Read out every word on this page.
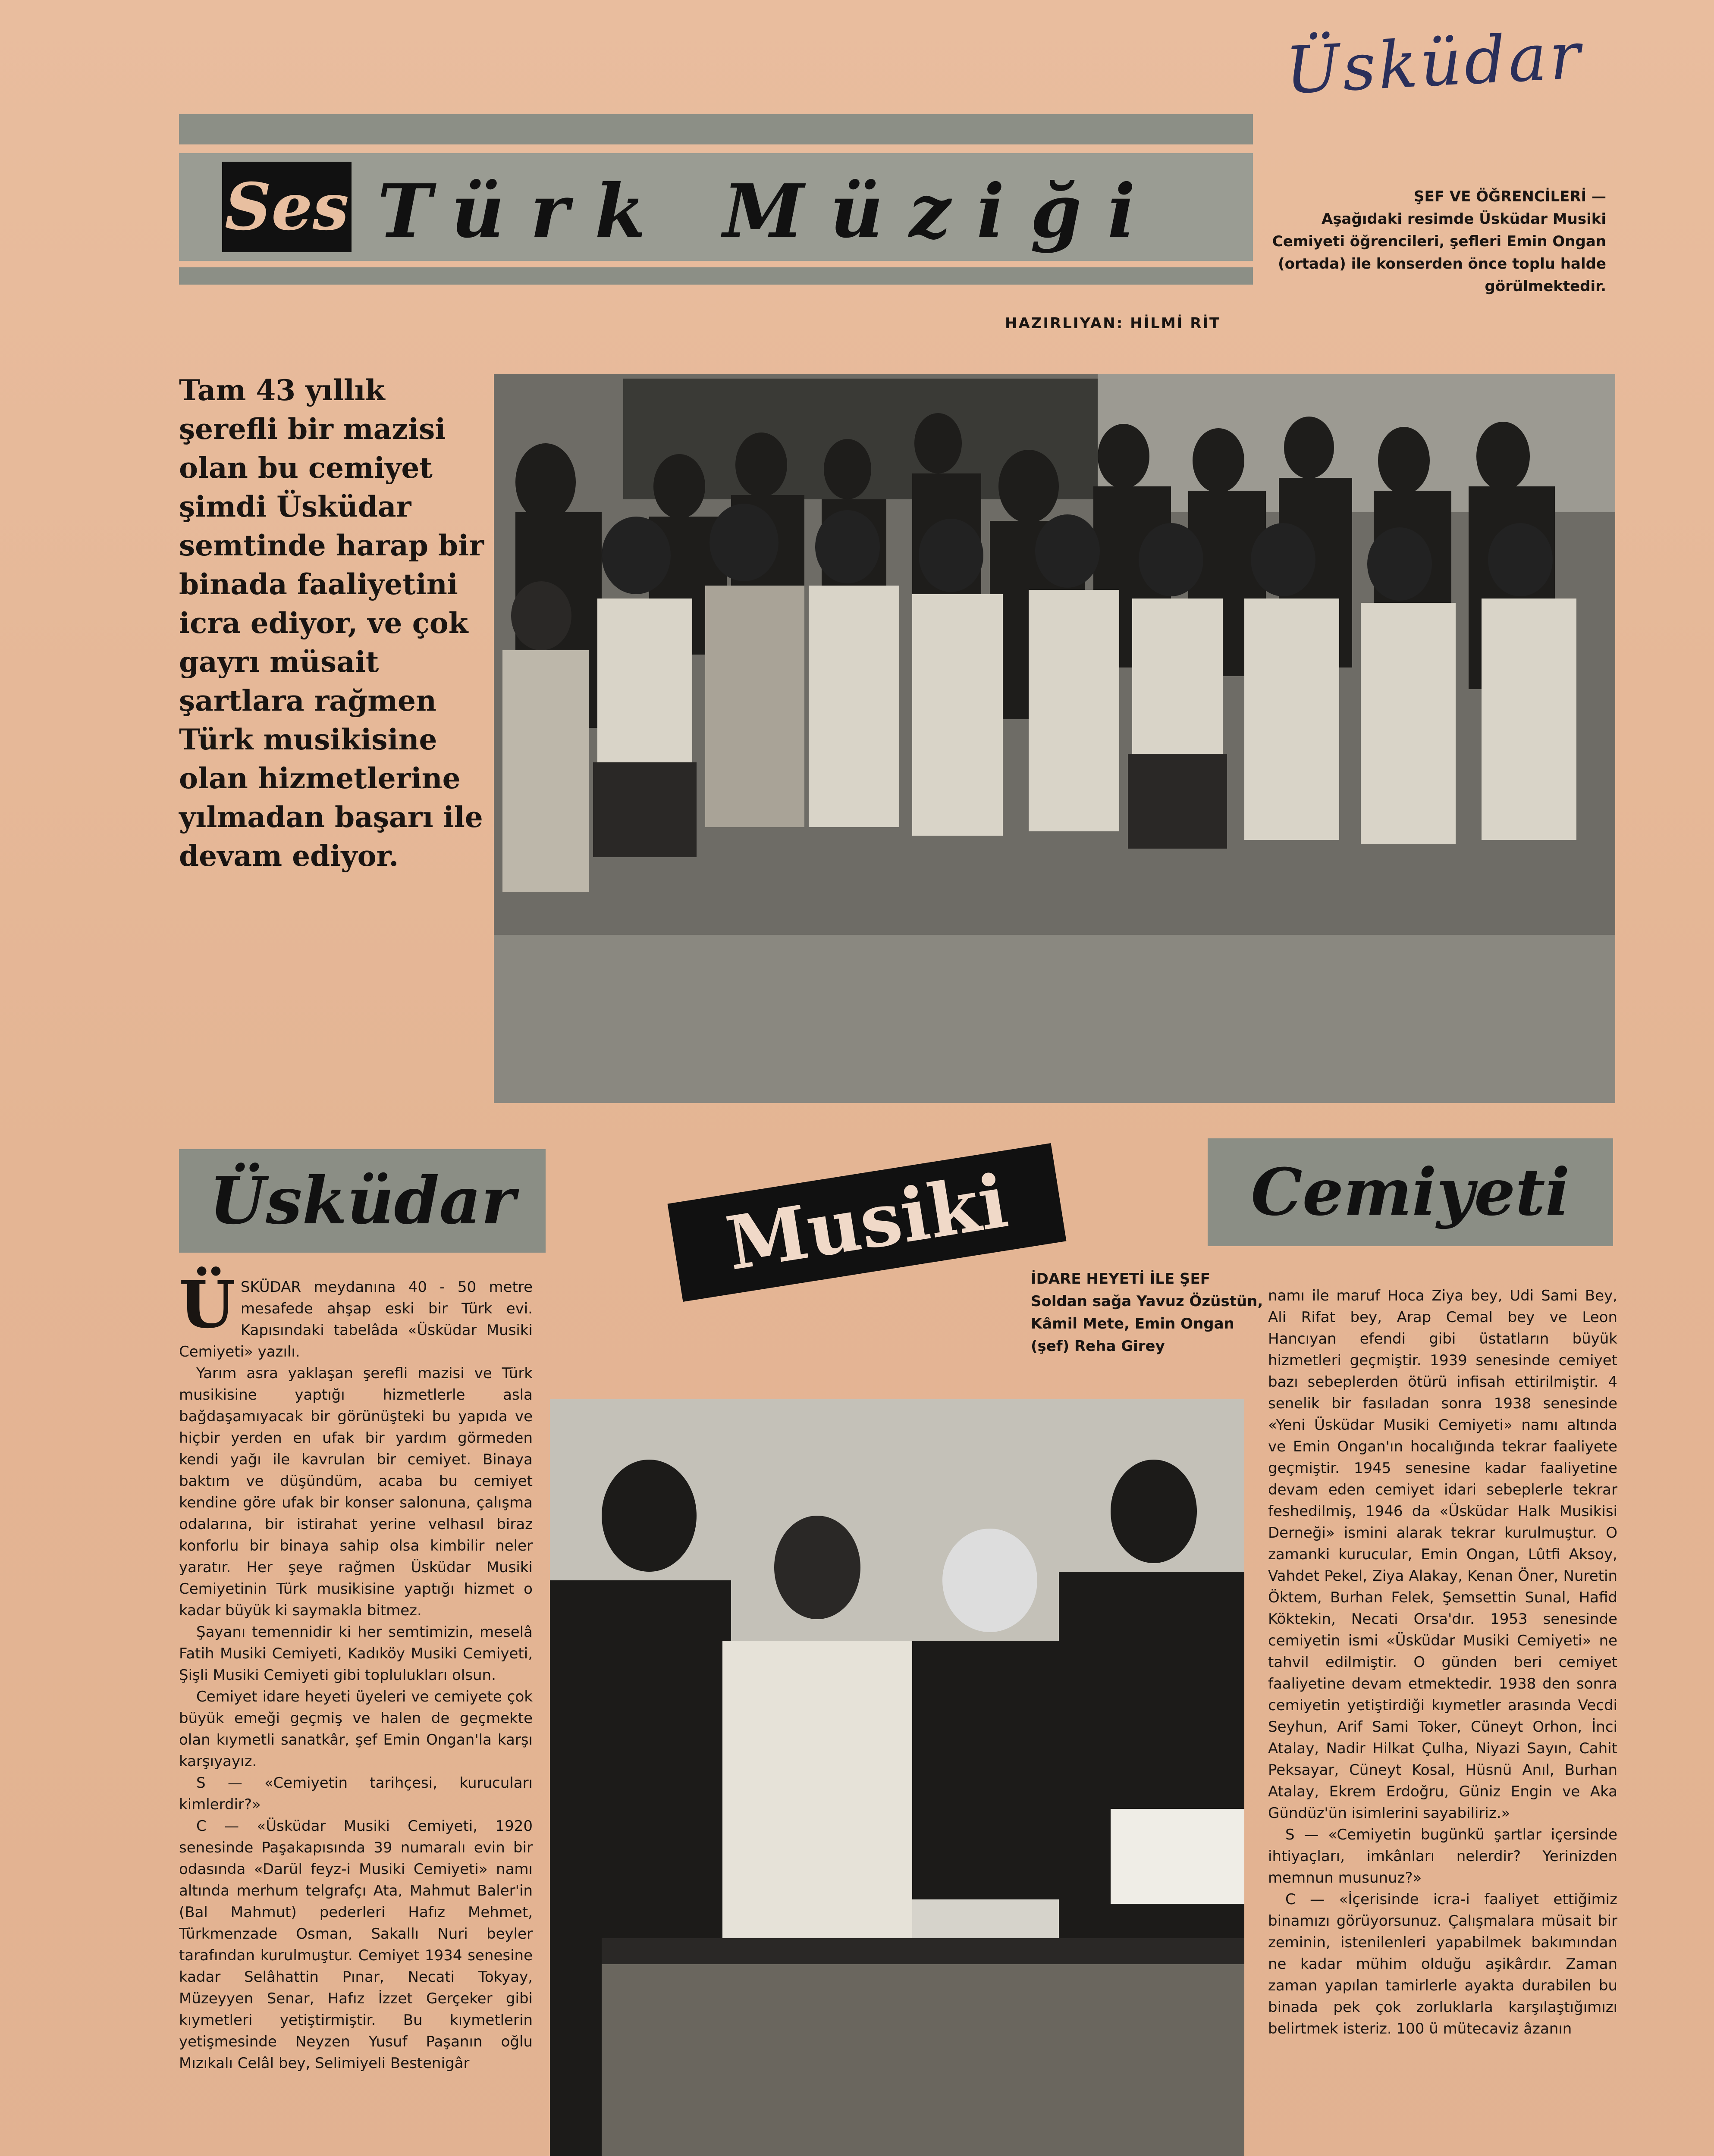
Üsküdar
Ses Türk Müziği
HAZIRLIYAN: HİLMİ RİT
ŞEF VE ÖĞRENCİLERİ —
Aşağıdaki resimde Üsküdar Musiki Cemiyeti öğrencileri, şefleri Emin Ongan (ortada) ile konserden önce toplu halde görülmektedir.
Tam 43 yıllık şerefli bir mazisi olan bu cemiyet şimdi Üsküdar semtinde harap bir binada faaliyetini icra ediyor, ve çok gayrı müsait şartlara rağmen Türk musikisine olan hizmetlerine yılmadan başarı ile devam ediyor.
Üsküdar	Musiki	Cemiyeti
İDARE HEYETİ İLE ŞEF
Soldan sağa Yavuz Özüstün, Kâmil Mete, Emin Ongan (şef) Reha Girey
Ü SKÜDAR meydanına 40 - 50 metre mesafede ahşap eski bir Türk evi. Kapısındaki tabelâda «Üsküdar Musiki Cemiyeti» yazılı.

Yarım asra yaklaşan şerefli mazisi ve Türk musikisine yaptığı hizmetlerle asla bağdaşamıyacak bir görünüşteki bu yapıda ve hiçbir yerden en ufak bir yardım görmeden kendi yağı ile kavrulan bir cemiyet. Binaya baktım ve düşündüm, acaba bu cemiyet kendine göre ufak bir konser salonuna, çalışma odalarına, bir istirahat yerine velhasıl biraz konforlu bir binaya sahip olsa kimbilir neler yaratır. Her şeye rağmen Üsküdar Musiki Cemiyetinin Türk musikisine yaptığı hizmet o kadar büyük ki saymakla bitmez.

Şayanı temennidir ki her semtimizin, meselâ Fatih Musiki Cemiyeti, Kadıköy Musiki Cemiyeti, Şişli Musiki Cemiyeti gibi toplulukları olsun.

Cemiyet idare heyeti üyeleri ve cemiyete çok büyük emeği geçmiş ve halen de geçmekte olan kıymetli sanatkâr, şef Emin Ongan'la karşı karşıyayız.

S — «Cemiyetin tarihçesi, kurucuları kimlerdir?»

C — «Üsküdar Musiki Cemiyeti, 1920 senesinde Paşakapısında 39 numaralı evin bir odasında «Darül feyz-i Musiki Cemiyeti» namı altında merhum telgrafçı Ata, Mahmut Baler'in (Bal Mahmut) pederleri Hafız Mehmet, Türkmenzade Osman, Sakallı Nuri beyler tarafından kurulmuştur. Cemiyet 1934 senesine kadar Selâhattin Pınar, Necati Tokyay, Müzeyyen Senar, Hafız İzzet Gerçeker gibi kıymetleri yetiştirmiştir. Bu kıymetlerin yetişmesinde Neyzen Yusuf Paşanın oğlu Mızıkalı Celâl bey, Selimiyeli Bestenigâr

namı ile maruf Hoca Ziya bey, Udi Sami Bey, Ali Rifat bey, Arap Cemal bey ve Leon Hancıyan efendi gibi üstatların büyük hizmetleri geçmiştir. 1939 senesinde cemiyet bazı sebeplerden ötürü infisah ettirilmiştir. 4 senelik bir fasıladan sonra 1938 senesinde «Yeni Üsküdar Musiki Cemiyeti» namı altında ve Emin Ongan'ın hocalığında tekrar faaliyete geçmiştir. 1945 senesine kadar faaliyetine devam eden cemiyet idari sebeplerle tekrar feshedilmiş, 1946 da «Üsküdar Halk Musikisi Derneği» ismini alarak tekrar kurulmuştur. O zamanki kurucular, Emin Ongan, Lûtfi Aksoy, Vahdet Pekel, Ziya Alakay, Kenan Öner, Nuretin Öktem, Burhan Felek, Şemsettin Sunal, Hafid Köktekin, Necati Orsa'dır. 1953 senesinde cemiyetin ismi «Üsküdar Musiki Cemiyeti» ne tahvil edilmiştir. O günden beri cemiyet faaliyetine devam etmektedir. 1938 den sonra cemiyetin yetiştirdiği kıymetler arasında Vecdi Seyhun, Arif Sami Toker, Cüneyt Orhon, İnci Atalay, Nadir Hilkat Çulha, Niyazi Sayın, Cahit Peksayar, Cüneyt Kosal, Hüsnü Anıl, Burhan Atalay, Ekrem Erdoğru, Güniz Engin ve Aka Gündüz'ün isimlerini sayabiliriz.»

S — «Cemiyetin bugünkü şartlar içersinde ihtiyaçları, imkânları nelerdir? Yerinizden memnun musunuz?»

C — «İçerisinde icra-i faaliyet ettiğimiz binamızı görüyorsunuz. Çalışmalara müsait bir zeminin, istenilenleri yapabilmek bakımından ne kadar mühim olduğu aşikârdır. Zaman zaman yapılan tamirlerle ayakta durabilen bu binada pek çok zorluklarla karşılaştığımızı belirtmek isteriz. 100 ü mütecaviz âzanın
